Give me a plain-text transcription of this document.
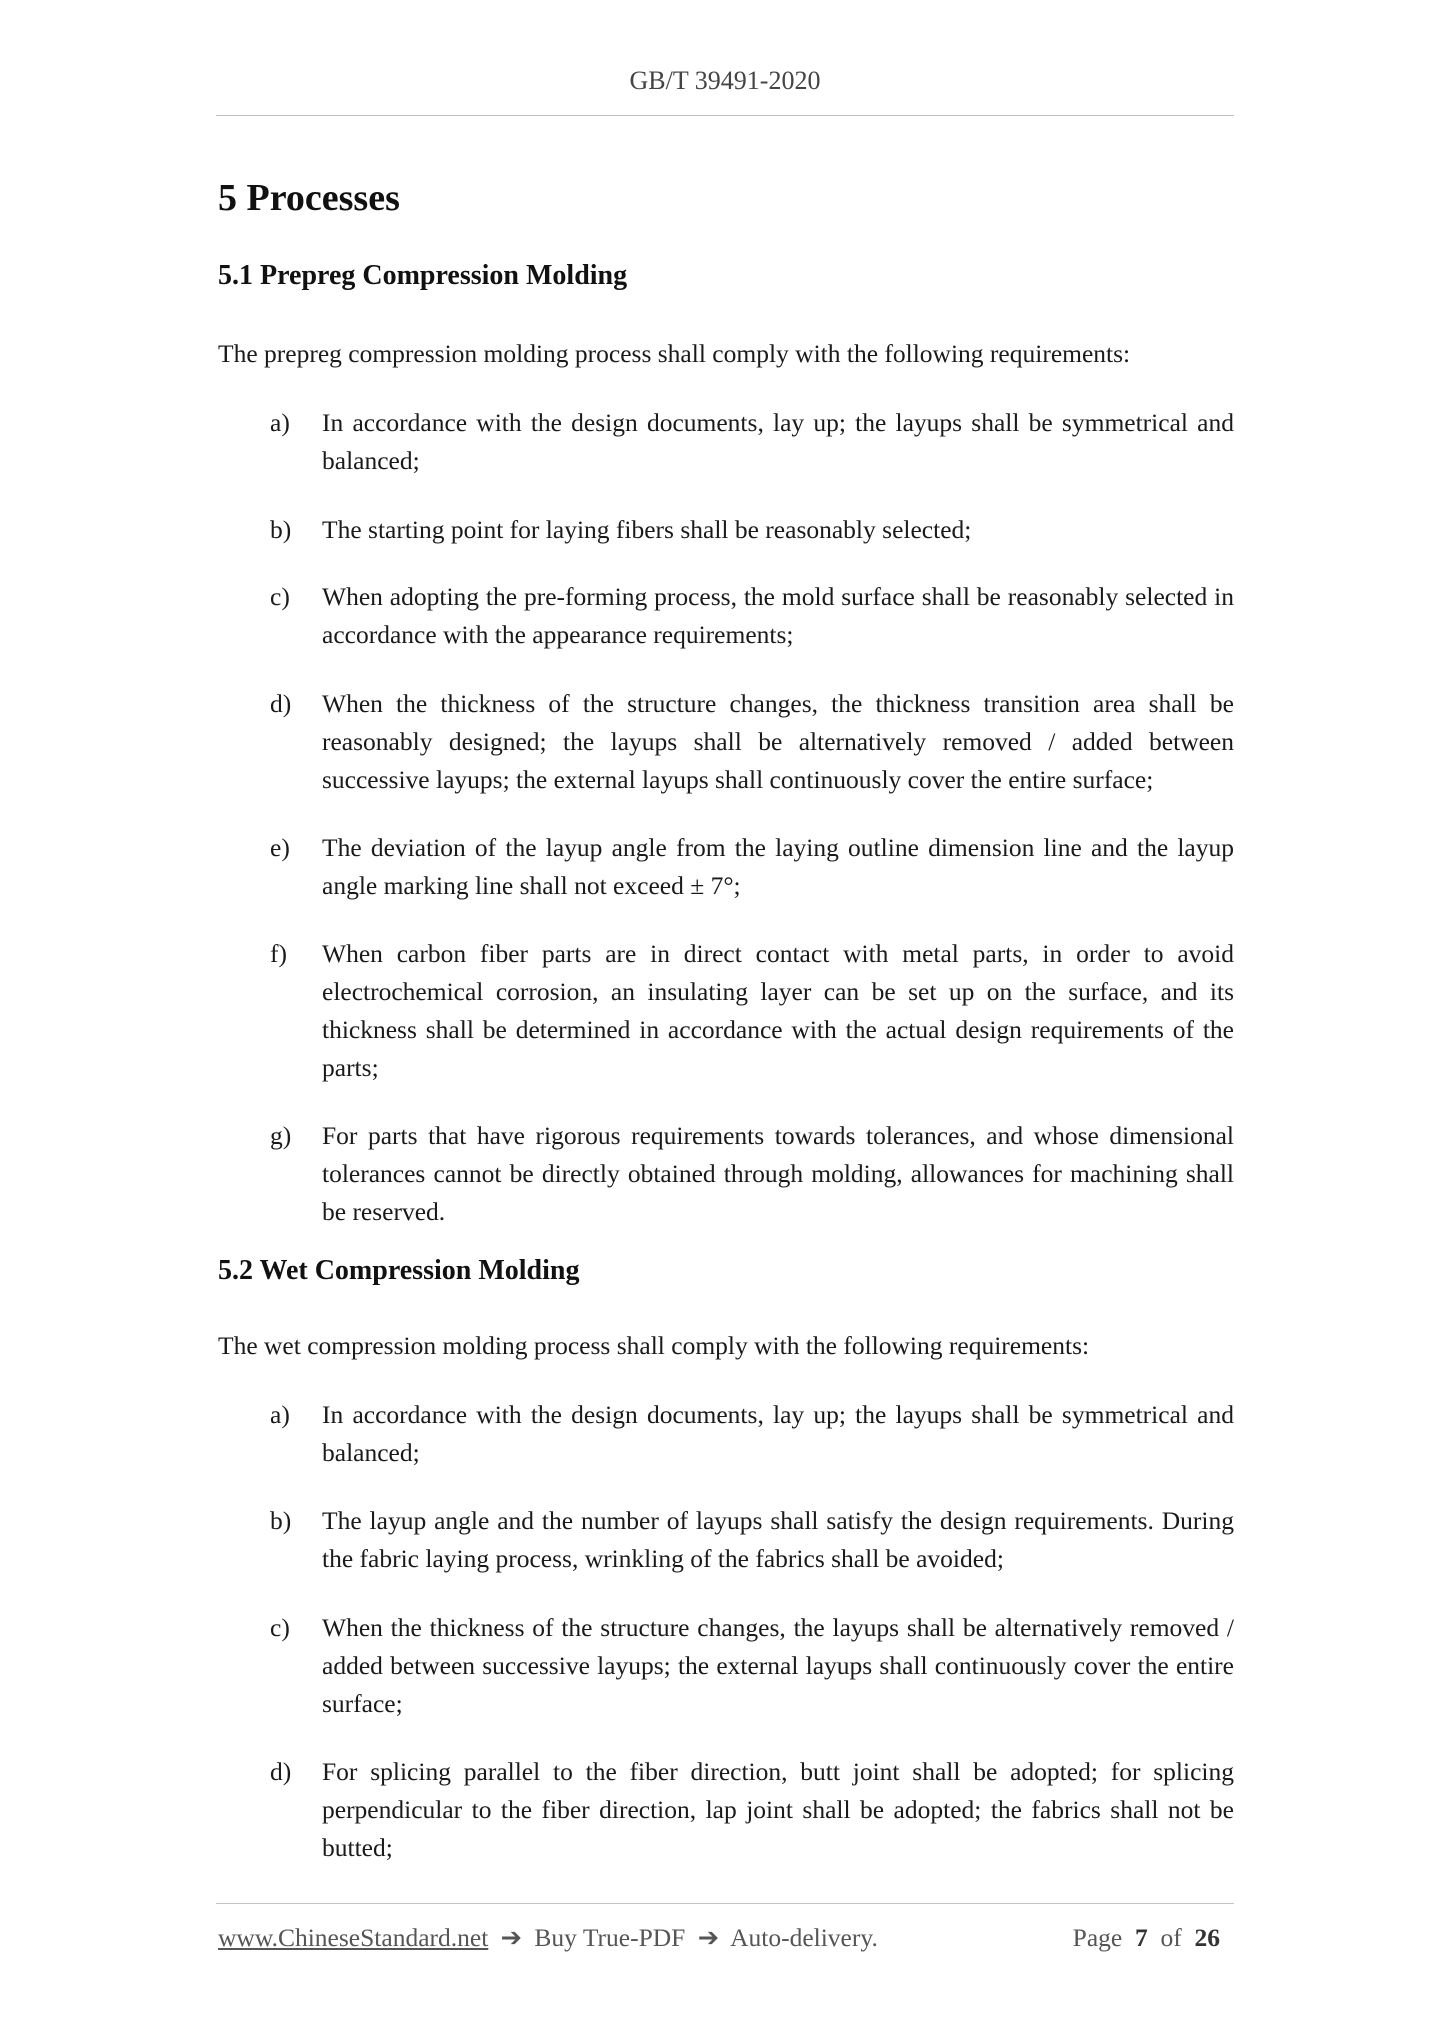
GB/T 39491-2020
5 Processes
5.1 Prepreg Compression Molding
The prepreg compression molding process shall comply with the following requirements:
a)	In accordance with the design documents, lay up; the layups shall be symmetrical and balanced;
b)	The starting point for laying fibers shall be reasonably selected;
c)	When adopting the pre-forming process, the mold surface shall be reasonably selected in accordance with the appearance requirements;
d)	When the thickness of the structure changes, the thickness transition area shall be reasonably designed; the layups shall be alternatively removed / added between successive layups; the external layups shall continuously cover the entire surface;
e)	The deviation of the layup angle from the laying outline dimension line and the layup angle marking line shall not exceed ± 7°;
f)	When carbon fiber parts are in direct contact with metal parts, in order to avoid electrochemical corrosion, an insulating layer can be set up on the surface, and its thickness shall be determined in accordance with the actual design requirements of the parts;
g)	For parts that have rigorous requirements towards tolerances, and whose dimensional tolerances cannot be directly obtained through molding, allowances for machining shall be reserved.
5.2 Wet Compression Molding
The wet compression molding process shall comply with the following requirements:
a)	In accordance with the design documents, lay up; the layups shall be symmetrical and balanced;
b)	The layup angle and the number of layups shall satisfy the design requirements. During the fabric laying process, wrinkling of the fabrics shall be avoided;
c)	When the thickness of the structure changes, the layups shall be alternatively removed / added between successive layups; the external layups shall continuously cover the entire surface;
d)	For splicing parallel to the fiber direction, butt joint shall be adopted; for splicing perpendicular to the fiber direction, lap joint shall be adopted; the fabrics shall not be butted;
www.ChineseStandard.net ➔ Buy True-PDF ➔ Auto-delivery.	Page 7 of 26
